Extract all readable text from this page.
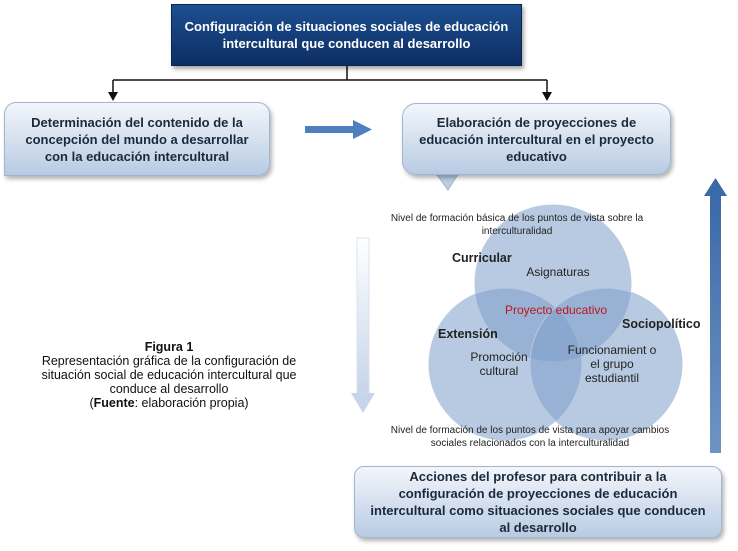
Configuración de situaciones sociales de educación intercultural que conducen al desarrollo
Determinación del contenido de la concepción del mundo a desarrollar con la educación intercultural
Elaboración de proyecciones de educación intercultural en el proyecto educativo
Acciones del profesor para contribuir a la configuración de proyecciones de educación intercultural como situaciones sociales que conducen al desarrollo
Nivel de formación básica de los puntos de vista sobre la interculturalidad
Nivel de formación de los puntos de vista para apoyar cambios sociales relacionados con la interculturalidad
Curricular
Extensión
Sociopolítico
Asignaturas
Proyecto educativo
Promoción cultural
Funcionamient o el grupo estudiantil
Figura 1
Representación gráfica de la configuración de situación social de educación intercultural que conduce al desarrollo
(Fuente: elaboración propia)
